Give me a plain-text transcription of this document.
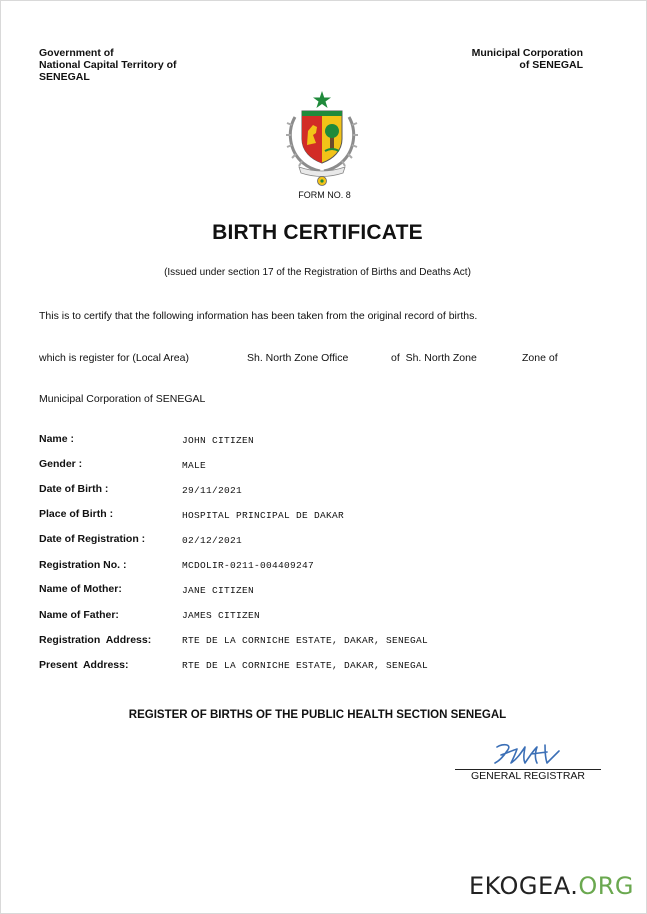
Government of
National Capital Territory of
SENEGAL
Municipal Corporation
of SENEGAL
FORM NO. 8
BIRTH CERTIFICATE
(Issued under section 17 of the Registration of Births and Deaths Act)
This is to certify that the following information has been taken from the original record of births.
which is register for (Local Area)	Sh. North Zone Office	of  Sh. North Zone	Zone of
Municipal Corporation of SENEGAL
Name :	JOHN CITIZEN
Gender :	MALE
Date of Birth :	29/11/2021
Place of Birth :	HOSPITAL PRINCIPAL DE DAKAR
Date of Registration :	02/12/2021
Registration No. :	MCDOLIR-0211-004409247
Name of Mother:	JANE CITIZEN
Name of Father:	JAMES CITIZEN
Registration  Address:	RTE DE LA CORNICHE ESTATE, DAKAR, SENEGAL
Present  Address:	RTE DE LA CORNICHE ESTATE, DAKAR, SENEGAL
REGISTER OF BIRTHS OF THE PUBLIC HEALTH SECTION SENEGAL
GENERAL REGISTRAR
EKOGEA.ORG
